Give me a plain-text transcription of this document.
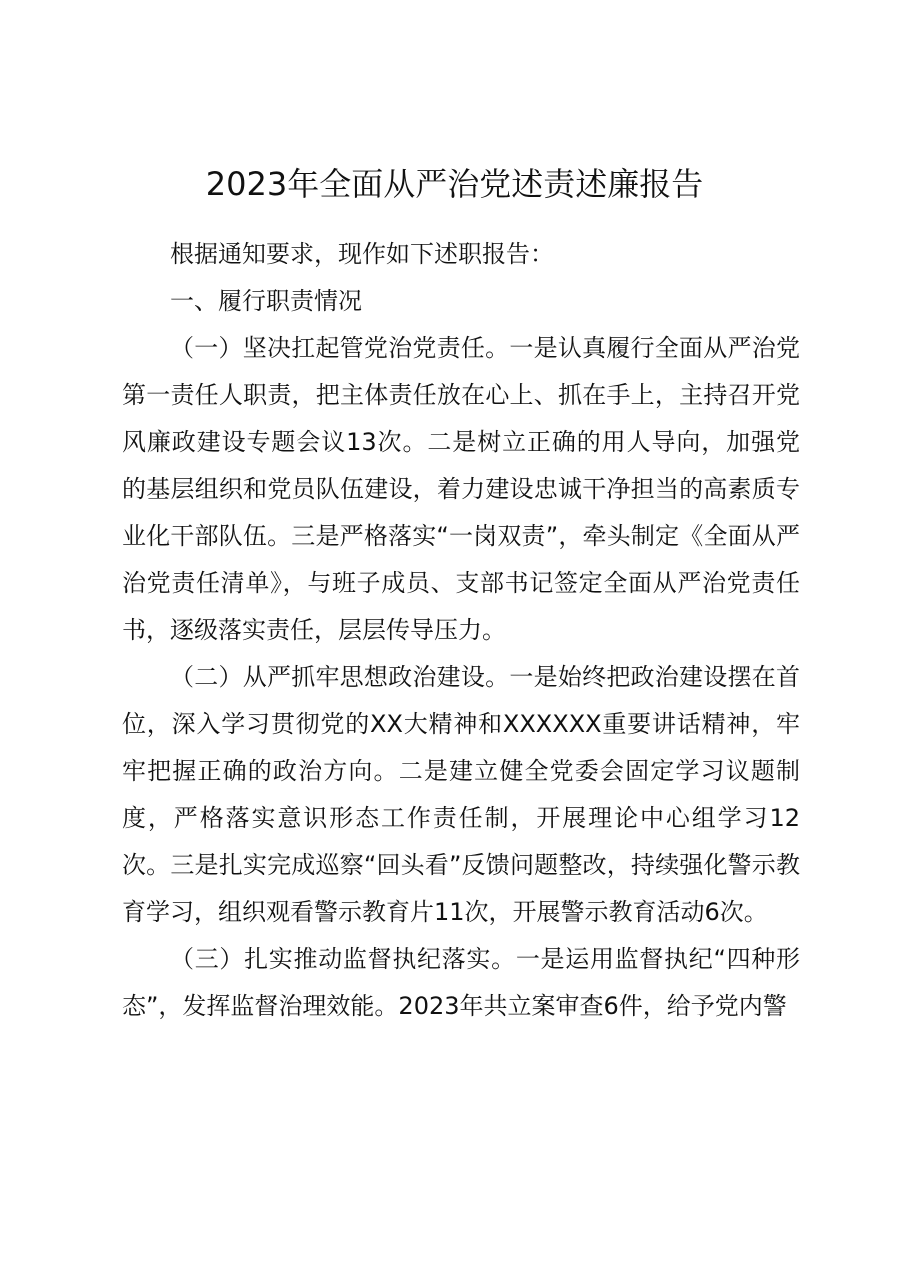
2023年全面从严治党述责述廉报告

根据通知要求，现作如下述职报告：

一、履行职责情况

（一）坚决扛起管党治党责任。一是认真履行全面从严治党第一责任人职责，把主体责任放在心上、抓在手上，主持召开党风廉政建设专题会议13次。二是树立正确的用人导向，加强党的基层组织和党员队伍建设，着力建设忠诚干净担当的高素质专业化干部队伍。三是严格落实“一岗双责”，牵头制定《全面从严治党责任清单》，与班子成员、支部书记签定全面从严治党责任书，逐级落实责任，层层传导压力。

（二）从严抓牢思想政治建设。一是始终把政治建设摆在首位，深入学习贯彻党的XX大精神和XXXXXX重要讲话精神，牢牢把握正确的政治方向。二是建立健全党委会固定学习议题制度，严格落实意识形态工作责任制，开展理论中心组学习12次。三是扎实完成巡察“回头看”反馈问题整改，持续强化警示教育学习，组织观看警示教育片11次，开展警示教育活动6次。

（三）扎实推动监督执纪落实。一是运用监督执纪“四种形态”，发挥监督治理效能。2023年共立案审查6件，给予党内警
